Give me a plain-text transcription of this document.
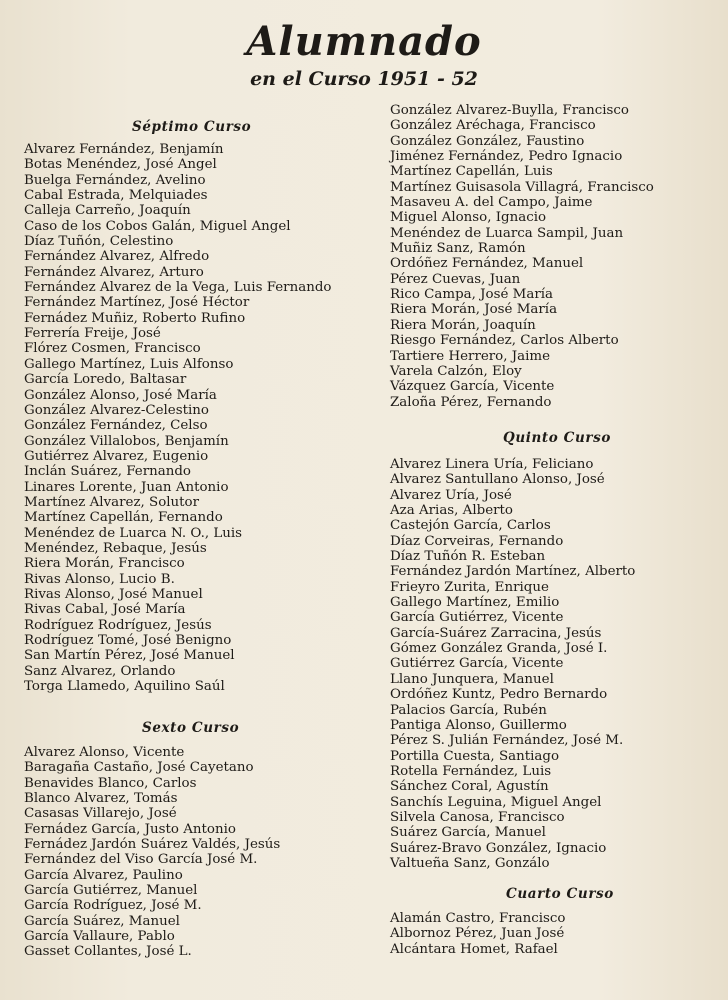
Alumnado
en el Curso 1951 - 52
Séptimo Curso
Alvarez Fernández, Benjamín
Botas Menéndez, José Angel
Buelga Fernández, Avelino
Cabal Estrada, Melquiades
Calleja Carreño, Joaquín
Caso de los Cobos Galán, Miguel Angel
Díaz Tuñón, Celestino
Fernández Alvarez, Alfredo
Fernández Alvarez, Arturo
Fernández Alvarez de la Vega, Luis Fernando
Fernández Martínez, José Héctor
Fernádez Muñiz, Roberto Rufino
Ferrería Freije, José
Flórez Cosmen, Francisco
Gallego Martínez, Luis Alfonso
García Loredo, Baltasar
González Alonso, José María
González Alvarez-Celestino
González Fernández, Celso
González Villalobos, Benjamín
Gutiérrez Alvarez, Eugenio
Inclán Suárez, Fernando
Linares Lorente, Juan Antonio
Martínez Alvarez, Solutor
Martínez Capellán, Fernando
Menéndez de Luarca N. O., Luis
Menéndez, Rebaque, Jesús
Riera Morán, Francisco
Rivas Alonso, Lucio B.
Rivas Alonso, José Manuel
Rivas Cabal, José María
Rodríguez Rodríguez, Jesús
Rodríguez Tomé, José Benigno
San Martín Pérez, José Manuel
Sanz Alvarez, Orlando
Torga Llamedo, Aquilino Saúl
Sexto Curso
Alvarez Alonso, Vicente
Baragaña Castaño, José Cayetano
Benavides Blanco, Carlos
Blanco Alvarez, Tomás
Casasas Villarejo, José
Fernádez García, Justo Antonio
Fernádez Jardón Suárez Valdés, Jesús
Fernández del Viso García José M.
García Alvarez, Paulino
García Gutiérrez, Manuel
García Rodríguez, José M.
García Suárez, Manuel
García Vallaure, Pablo
Gasset Collantes, José L.
González Alvarez-Buylla, Francisco
González Aréchaga, Francisco
González González, Faustino
Jiménez Fernández, Pedro Ignacio
Martínez Capellán, Luis
Martínez Guisasola Villagrá, Francisco
Masaveu A. del Campo, Jaime
Miguel Alonso, Ignacio
Menéndez de Luarca Sampil, Juan
Muñiz Sanz, Ramón
Ordóñez Fernández, Manuel
Pérez Cuevas, Juan
Rico Campa, José María
Riera Morán, José María
Riera Morán, Joaquín
Riesgo Fernández, Carlos Alberto
Tartiere Herrero, Jaime
Varela Calzón, Eloy
Vázquez García, Vicente
Zaloña Pérez, Fernando
Quinto Curso
Alvarez Linera Uría, Feliciano
Alvarez Santullano Alonso, José
Alvarez Uría, José
Aza Arias, Alberto
Castejón García, Carlos
Díaz Corveiras, Fernando
Díaz Tuñón R. Esteban
Fernández Jardón Martínez, Alberto
Frieyro Zurita, Enrique
Gallego Martínez, Emilio
García Gutiérrez, Vicente
García-Suárez Zarracina, Jesús
Gómez González Granda, José I.
Gutiérrez García, Vicente
Llano Junquera, Manuel
Ordóñez Kuntz, Pedro Bernardo
Palacios García, Rubén
Pantiga Alonso, Guillermo
Pérez S. Julián Fernández, José M.
Portilla Cuesta, Santiago
Rotella Fernández, Luis
Sánchez Coral, Agustín
Sanchís Leguina, Miguel Angel
Silvela Canosa, Francisco
Suárez García, Manuel
Suárez-Bravo González, Ignacio
Valtueña Sanz, Gonzálo
Cuarto Curso
Alamán Castro, Francisco
Albornoz Pérez, Juan José
Alcántara Homet, Rafael
